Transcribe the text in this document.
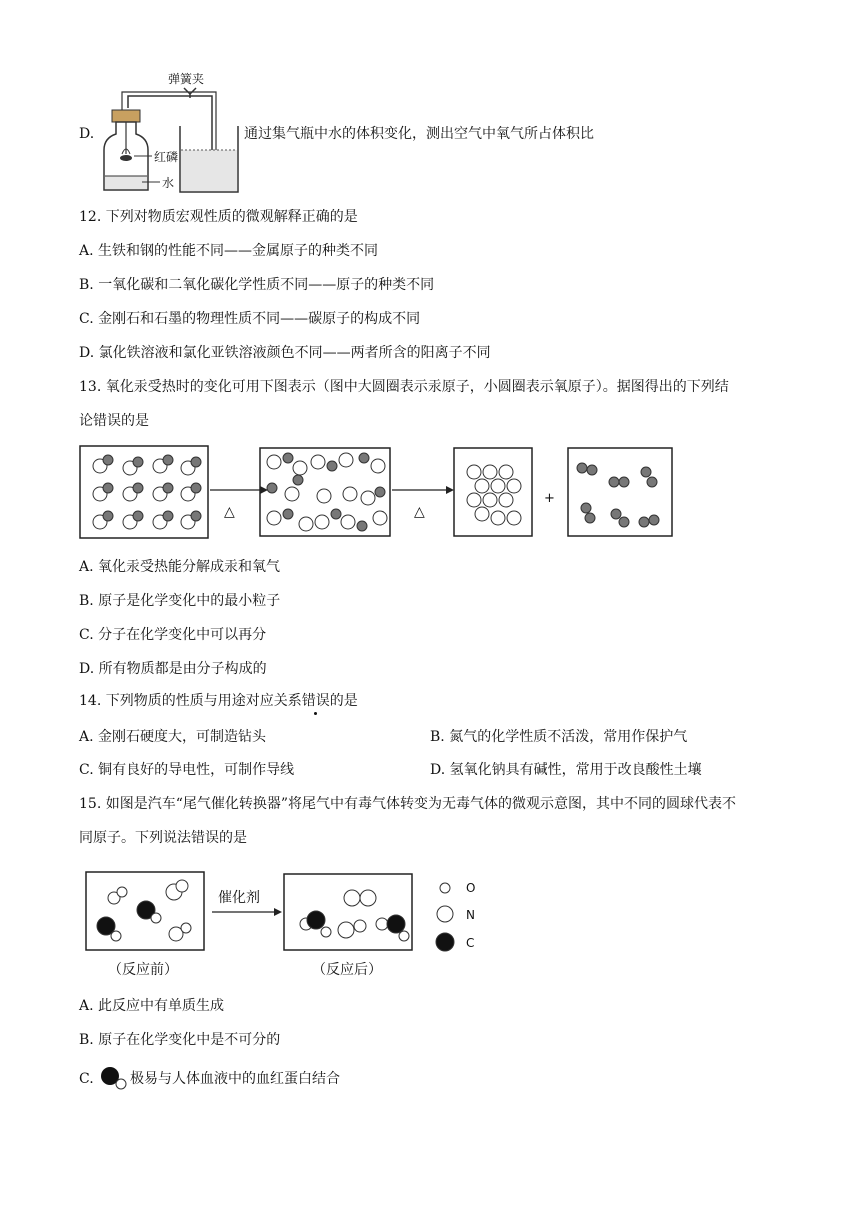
D.
弹簧夹
红磷
水
通过集气瓶中水的体积变化，测出空气中氧气所占体积比
12. 下列对物质宏观性质的微观解释正确的是
A. 生铁和钢的性能不同——金属原子的种类不同
B. 一氧化碳和二氧化碳化学性质不同——原子的种类不同
C. 金刚石和石墨的物理性质不同——碳原子的构成不同
D. 氯化铁溶液和氯化亚铁溶液颜色不同——两者所含的阳离子不同
13. 氧化汞受热时的变化可用下图表示（图中大圆圈表示汞原子，小圆圈表示氧原子）。据图得出的下列结
论错误的是
△	△
+
A. 氧化汞受热能分解成汞和氧气
B. 原子是化学变化中的最小粒子
C. 分子在化学变化中可以再分
D. 所有物质都是由分子构成的
14. 下列物质的性质与用途对应关系错误的是
A. 金刚石硬度大，可制造钻头	B. 氮气的化学性质不活泼，常用作保护气
C. 铜有良好的导电性，可制作导线	D. 氢氧化钠具有碱性，常用于改良酸性土壤
15. 如图是汽车“尾气催化转换器”将尾气中有毒气体转变为无毒气体的微观示意图，其中不同的圆球代表不
同原子。下列说法错误的是
催化剂
（反应前）	（反应后）
O
N
C
A. 此反应中有单质生成
B. 原子在化学变化中是不可分的
C.	极易与人体血液中的血红蛋白结合
